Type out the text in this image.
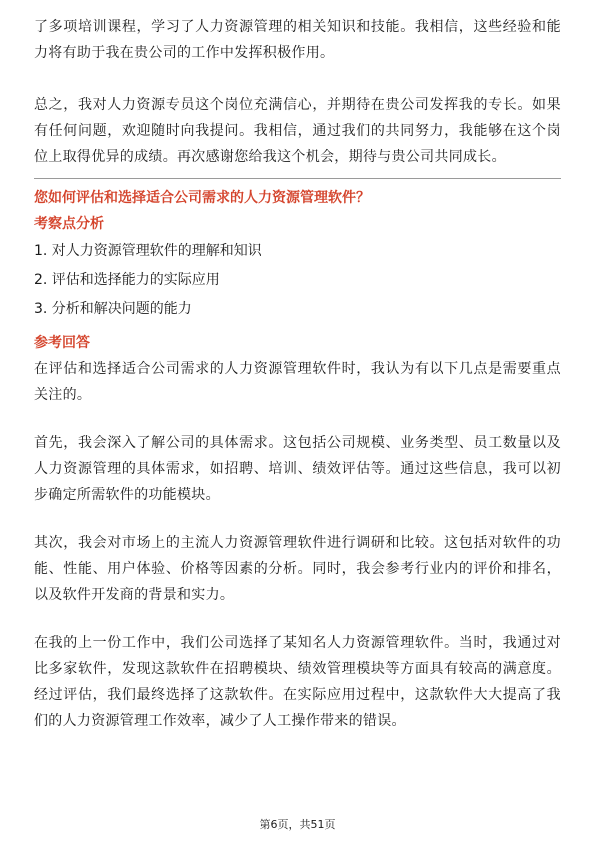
了多项培训课程，学习了人力资源管理的相关知识和技能。我相信，这些经验和能力将有助于我在贵公司的工作中发挥积极作用。

总之，我对人力资源专员这个岗位充满信心，并期待在贵公司发挥我的专长。如果有任何问题，欢迎随时向我提问。我相信，通过我们的共同努力，我能够在这个岗位上取得优异的成绩。再次感谢您给我这个机会，期待与贵公司共同成长。

您如何评估和选择适合公司需求的人力资源管理软件？

考察点分析

1. 对人力资源管理软件的理解和知识

2. 评估和选择能力的实际应用

3. 分析和解决问题的能力

参考回答

在评估和选择适合公司需求的人力资源管理软件时，我认为有以下几点是需要重点关注的。

首先，我会深入了解公司的具体需求。这包括公司规模、业务类型、员工数量以及人力资源管理的具体需求，如招聘、培训、绩效评估等。通过这些信息，我可以初步确定所需软件的功能模块。

其次，我会对市场上的主流人力资源管理软件进行调研和比较。这包括对软件的功能、性能、用户体验、价格等因素的分析。同时，我会参考行业内的评价和排名，以及软件开发商的背景和实力。

在我的上一份工作中，我们公司选择了某知名人力资源管理软件。当时，我通过对比多家软件，发现这款软件在招聘模块、绩效管理模块等方面具有较高的满意度。经过评估，我们最终选择了这款软件。在实际应用过程中，这款软件大大提高了我们的人力资源管理工作效率，减少了人工操作带来的错误。

第6页，共51页
